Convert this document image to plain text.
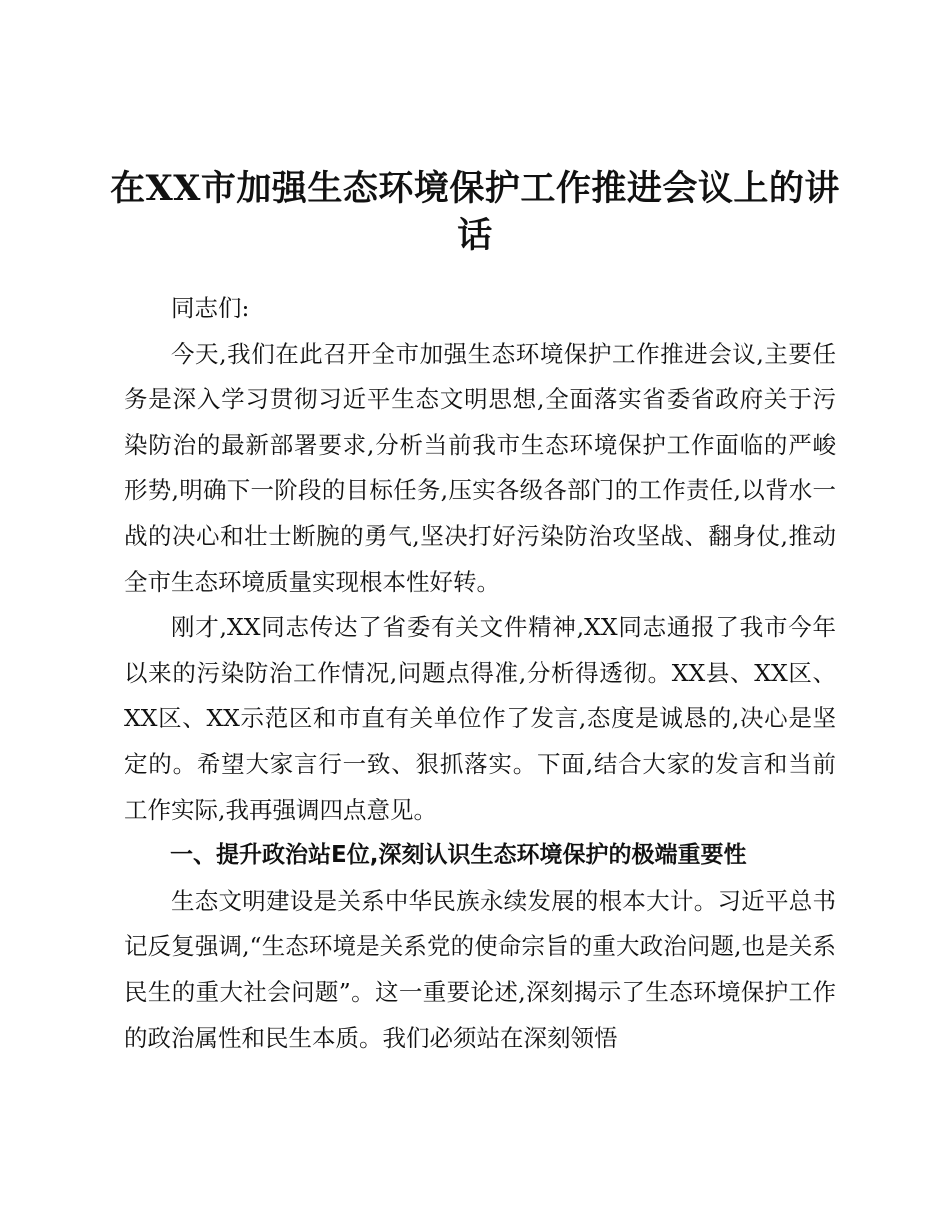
在XX市加强生态环境保护工作推进会议上的讲话

同志们:

今天,我们在此召开全市加强生态环境保护工作推进会议,主要任务是深入学习贯彻习近平生态文明思想,全面落实省委省政府关于污染防治的最新部署要求,分析当前我市生态环境保护工作面临的严峻形势,明确下一阶段的目标任务,压实各级各部门的工作责任,以背水一战的决心和壮士断腕的勇气,坚决打好污染防治攻坚战、翻身仗,推动全市生态环境质量实现根本性好转。

刚才,XX同志传达了省委有关文件精神,XX同志通报了我市今年以来的污染防治工作情况,问题点得准,分析得透彻。XX县、XX区、XX区、XX示范区和市直有关单位作了发言,态度是诚恳的,决心是坚定的。希望大家言行一致、狠抓落实。下面,结合大家的发言和当前工作实际,我再强调四点意见。

一、提升政治站E位,深刻认识生态环境保护的极端重要性

生态文明建设是关系中华民族永续发展的根本大计。习近平总书记反复强调,“生态环境是关系党的使命宗旨的重大政治问题,也是关系民生的重大社会问题”。这一重要论述,深刻揭示了生态环境保护工作的政治属性和民生本质。我们必须站在深刻领悟
